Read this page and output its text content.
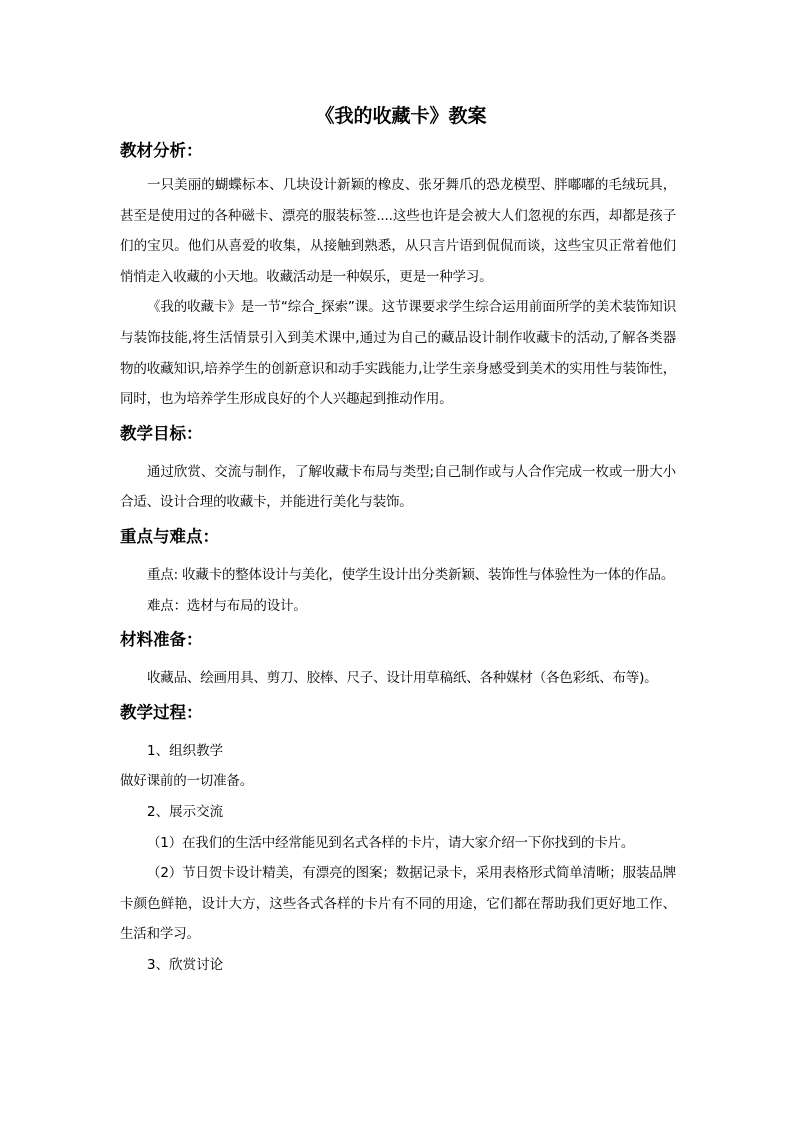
《我的收藏卡》教案
教材分析：

一只美丽的蝴蝶标本、几块设计新颖的橡皮、张牙舞爪的恐龙模型、胖嘟嘟的毛绒玩具，甚至是使用过的各种磁卡、漂亮的服装标签....这些也许是会被大人们忽视的东西，却都是孩子们的宝贝。他们从喜爱的收集，从接触到熟悉，从只言片语到侃侃而谈，这些宝贝正常着他们悄悄走入收藏的小天地。收藏活动是一种娱乐，更是一种学习。

《我的收藏卡》是一节“综合_探索”课。这节课要求学生综合运用前面所学的美术装饰知识与装饰技能,将生活情景引入到美术课中,通过为自己的藏品设计制作收藏卡的活动,了解各类器物的收藏知识,培养学生的创新意识和动手实践能力,让学生亲身感受到美术的实用性与装饰性，同时，也为培养学生形成良好的个人兴趣起到推动作用。

教学目标：

通过欣赏、交流与制作，了解收藏卡布局与类型;自己制作或与人合作完成一枚或一册大小合适、设计合理的收藏卡，并能进行美化与装饰。

重点与难点：

重点: 收藏卡的整体设计与美化，使学生设计出分类新颖、装饰性与体验性为一体的作品。

难点：选材与布局的设计。

材料准备：

收藏品、绘画用具、剪刀、胶棒、尺子、设计用草稿纸、各种媒材（各色彩纸、布等)。

教学过程：

1、组织教学

做好课前的一切准备。

2、展示交流

（1）在我们的生活中经常能见到名式各样的卡片，请大家介绍一下你找到的卡片。

（2）节日贺卡设计精美，有漂亮的图案；数据记录卡，采用表格形式简单清晰；服装品牌卡颜色鲜艳，设计大方，这些各式各样的卡片有不同的用途，它们都在帮助我们更好地工作、生活和学习。

3、欣赏讨论
